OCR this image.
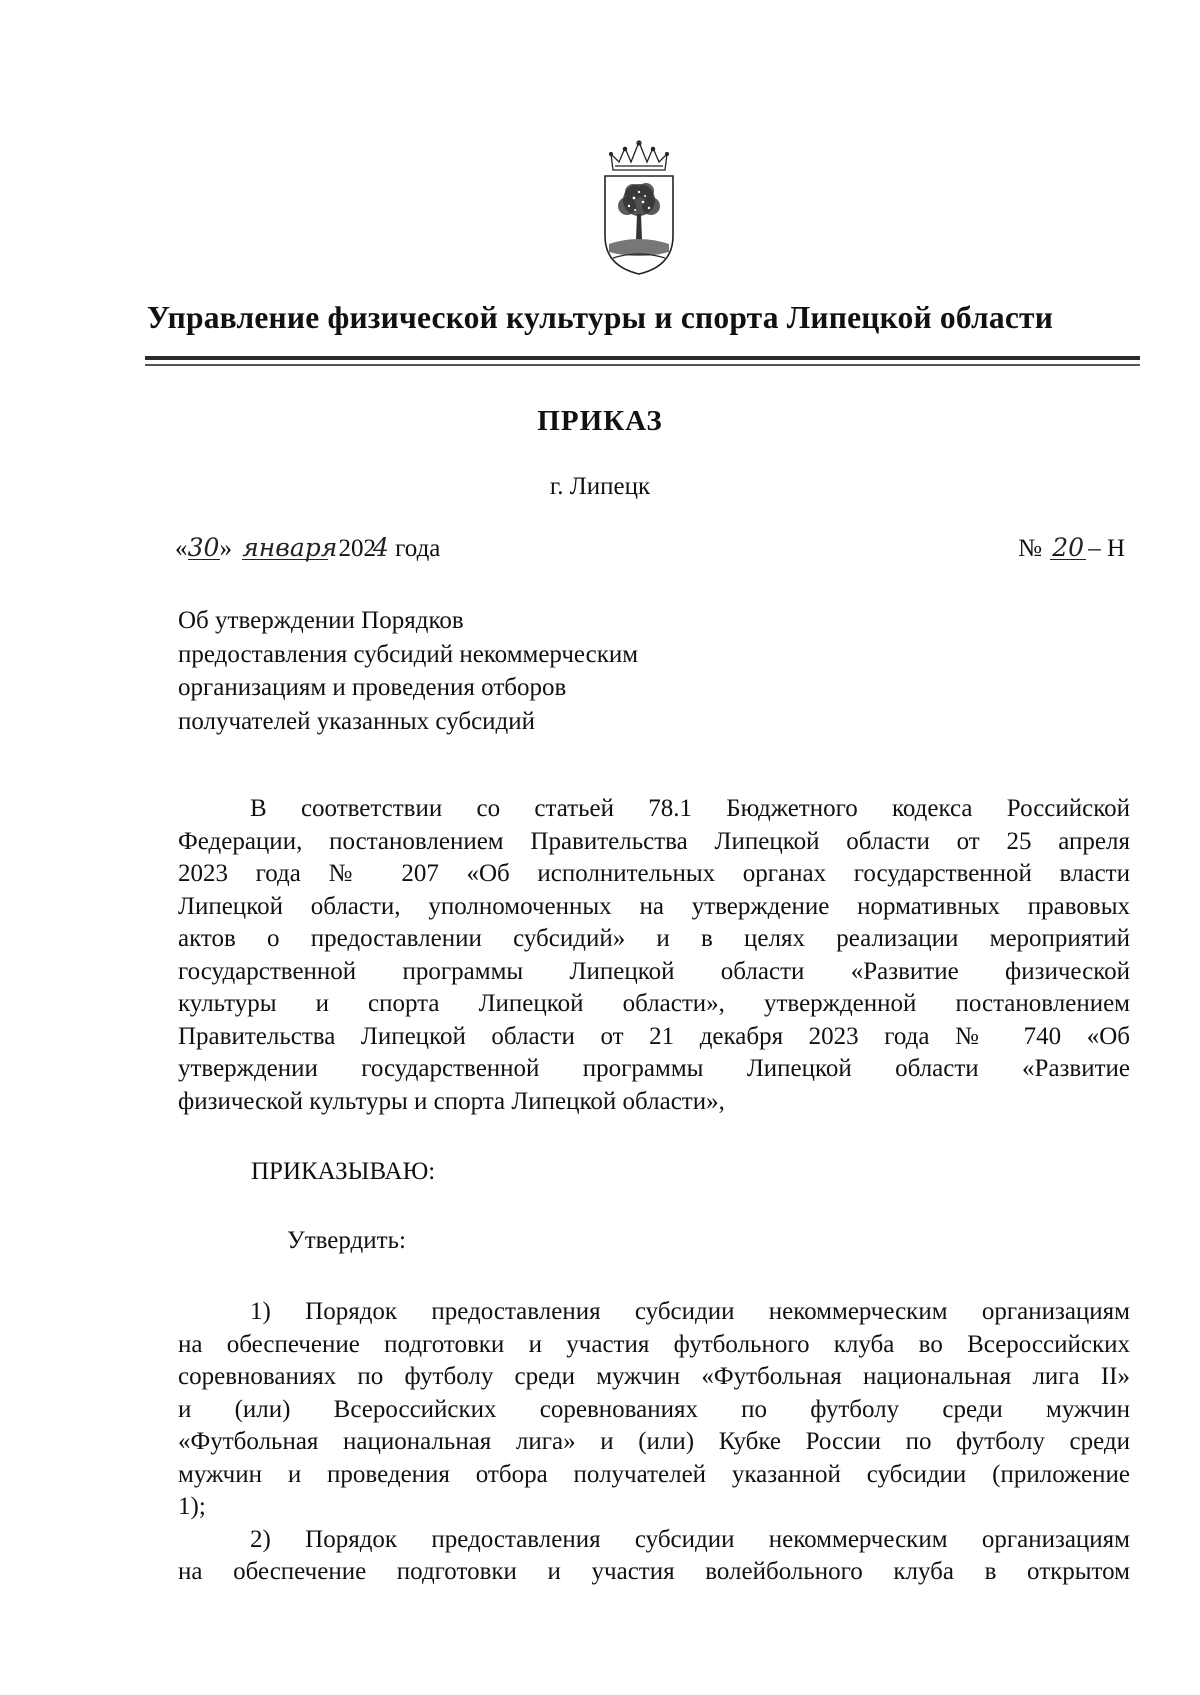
Управление физической культуры и спорта Липецкой области
ПРИКАЗ
г. Липецк
«30» января 2024 года	№ 20 – Н
Об утверждении Порядков
предоставления субсидий некоммерческим
организациям и проведения отборов
получателей указанных субсидий
В соответствии со статьей 78.1 Бюджетного кодекса Российской
Федерации, постановлением Правительства Липецкой области от 25 апреля
2023 года № 207 «Об исполнительных органах государственной власти
Липецкой области, уполномоченных на утверждение нормативных правовых
актов о предоставлении субсидий» и в целях реализации мероприятий
государственной программы Липецкой области «Развитие физической
культуры и спорта Липецкой области», утвержденной постановлением
Правительства Липецкой области от 21 декабря 2023 года № 740 «Об
утверждении государственной программы Липецкой области «Развитие
физической культуры и спорта Липецкой области»,
ПРИКАЗЫВАЮ:
Утвердить:
1) Порядок предоставления субсидии некоммерческим организациям
на обеспечение подготовки и участия футбольного клуба во Всероссийских
соревнованиях по футболу среди мужчин «Футбольная национальная лига II»
и (или) Всероссийских соревнованиях по футболу среди мужчин
«Футбольная национальная лига» и (или) Кубке России по футболу среди
мужчин и проведения отбора получателей указанной субсидии (приложение
1);
2) Порядок предоставления субсидии некоммерческим организациям
на обеспечение подготовки и участия волейбольного клуба в открытом
